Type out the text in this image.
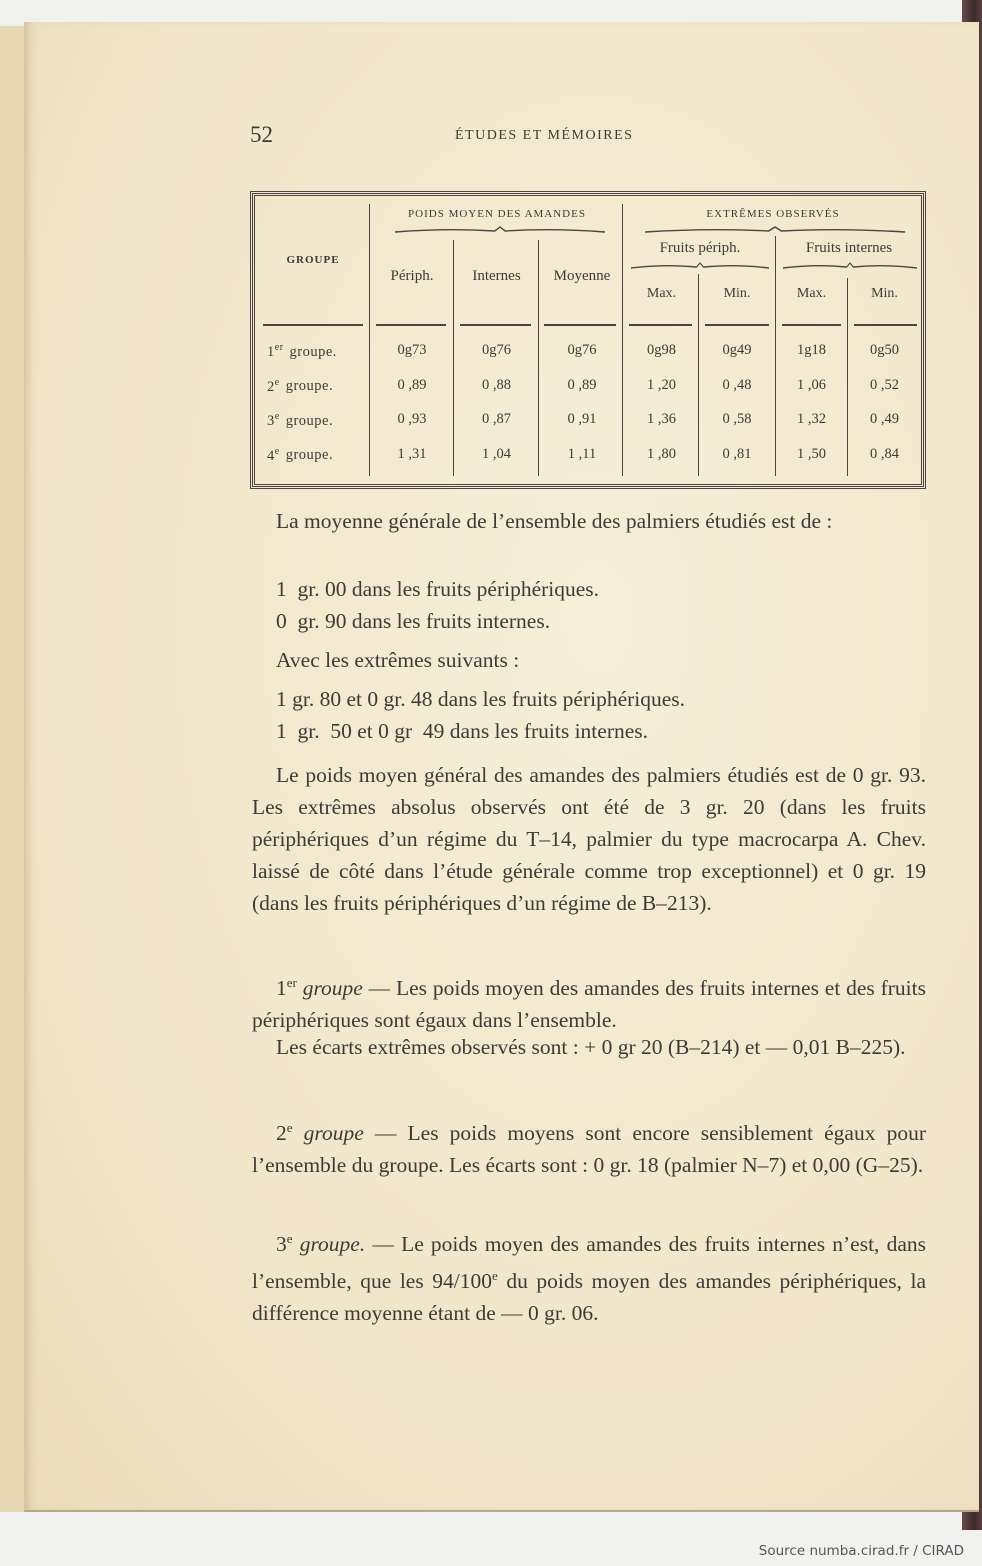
52	ÉTUDES ET MÉMOIRES
GROUPE
POIDS MOYEN DES AMANDES	EXTRÊMES OBSERVÉS
Périph.	Internes	Moyenne
Fruits périph.	Fruits internes
Max.	Min.	Max.	Min.
1er groupe.	0g73	0g76	0g76	0g98	0g49	1g18	0g50
2e groupe.	0 ,89	0 ,88	0 ,89	1 ,20	0 ,48	1 ,06	0 ,52
3e groupe.	0 ,93	0 ,87	0 ,91	1 ,36	0 ,58	1 ,32	0 ,49
4e groupe.	1 ,31	1 ,04	1 ,11	1 ,80	0 ,81	1 ,50	0 ,84
La moyenne générale de l’ensemble des palmiers étudiés est de :
1  gr. 00 dans les fruits périphériques.
0  gr. 90 dans les fruits internes.
Avec les extrêmes suivants :
1 gr. 80 et 0 gr. 48 dans les fruits périphériques.
1  gr.  50 et 0 gr  49 dans les fruits internes.
Le poids moyen général des amandes des palmiers étudiés est de 0 gr. 93. Les extrêmes absolus observés ont été de 3 gr. 20 (dans les fruits périphériques d’un régime du T–14, palmier du type macrocarpa A. Chev. laissé de côté dans l’étude générale comme trop exceptionnel) et 0 gr. 19 (dans les fruits périphériques d’un régime de B–213).
1er groupe — Les poids moyen des amandes des fruits internes et des fruits périphériques sont égaux dans l’ensemble.
Les écarts extrêmes observés sont : + 0 gr 20 (B–214) et — 0,01 B–225).
2e groupe — Les poids moyens sont encore sensiblement égaux pour l’ensemble du groupe. Les écarts sont : 0 gr. 18 (palmier N–7) et 0,00 (G–25).
3e groupe. — Le poids moyen des amandes des fruits internes n’est, dans l’ensemble, que les 94/100e du poids moyen des amandes périphériques, la différence moyenne étant de — 0 gr. 06.
Source numba.cirad.fr / CIRAD
